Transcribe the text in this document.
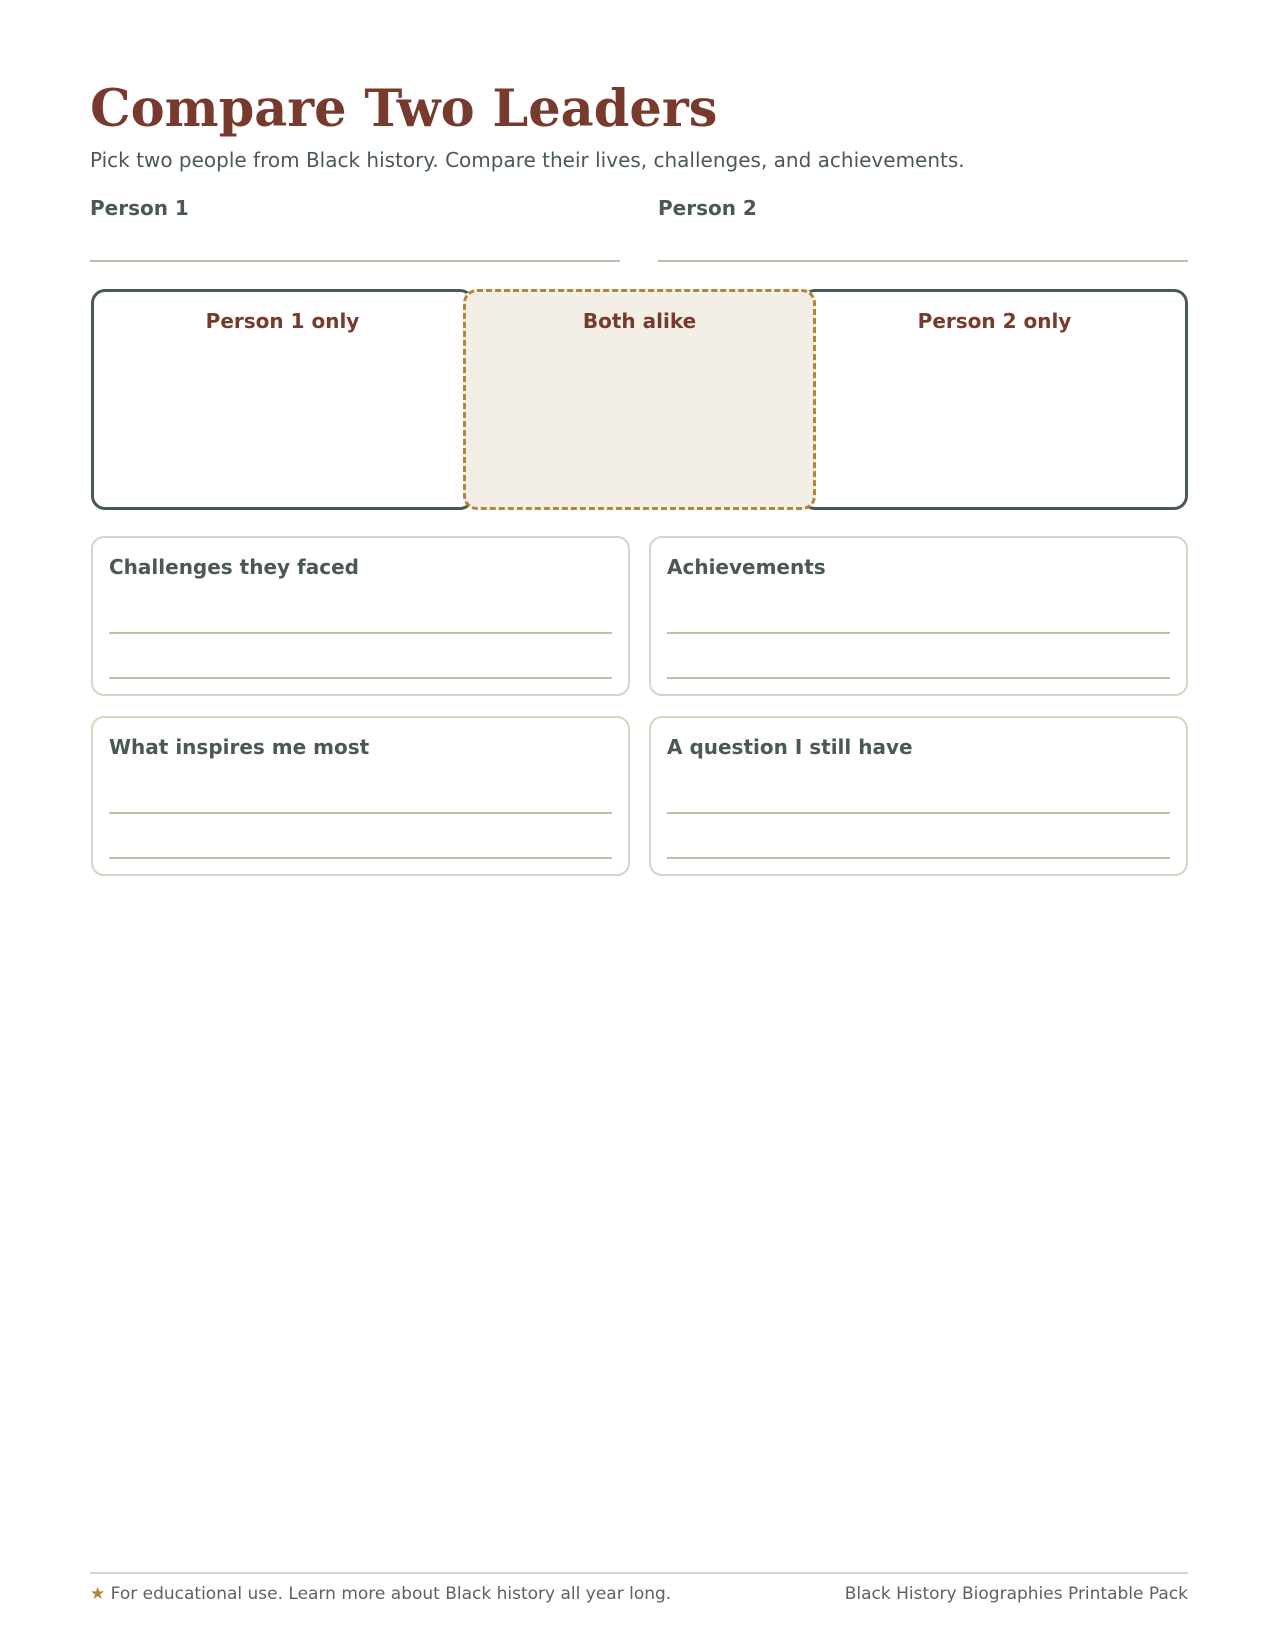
Compare Two Leaders
Pick two people from Black history. Compare their lives, challenges, and achievements.
Person 1	Person 2
Person 1 only	Person 2 only
Both alike
Challenges they faced	Achievements
What inspires me most	A question I still have
★ For educational use. Learn more about Black history all year long.	Black History Biographies Printable Pack
